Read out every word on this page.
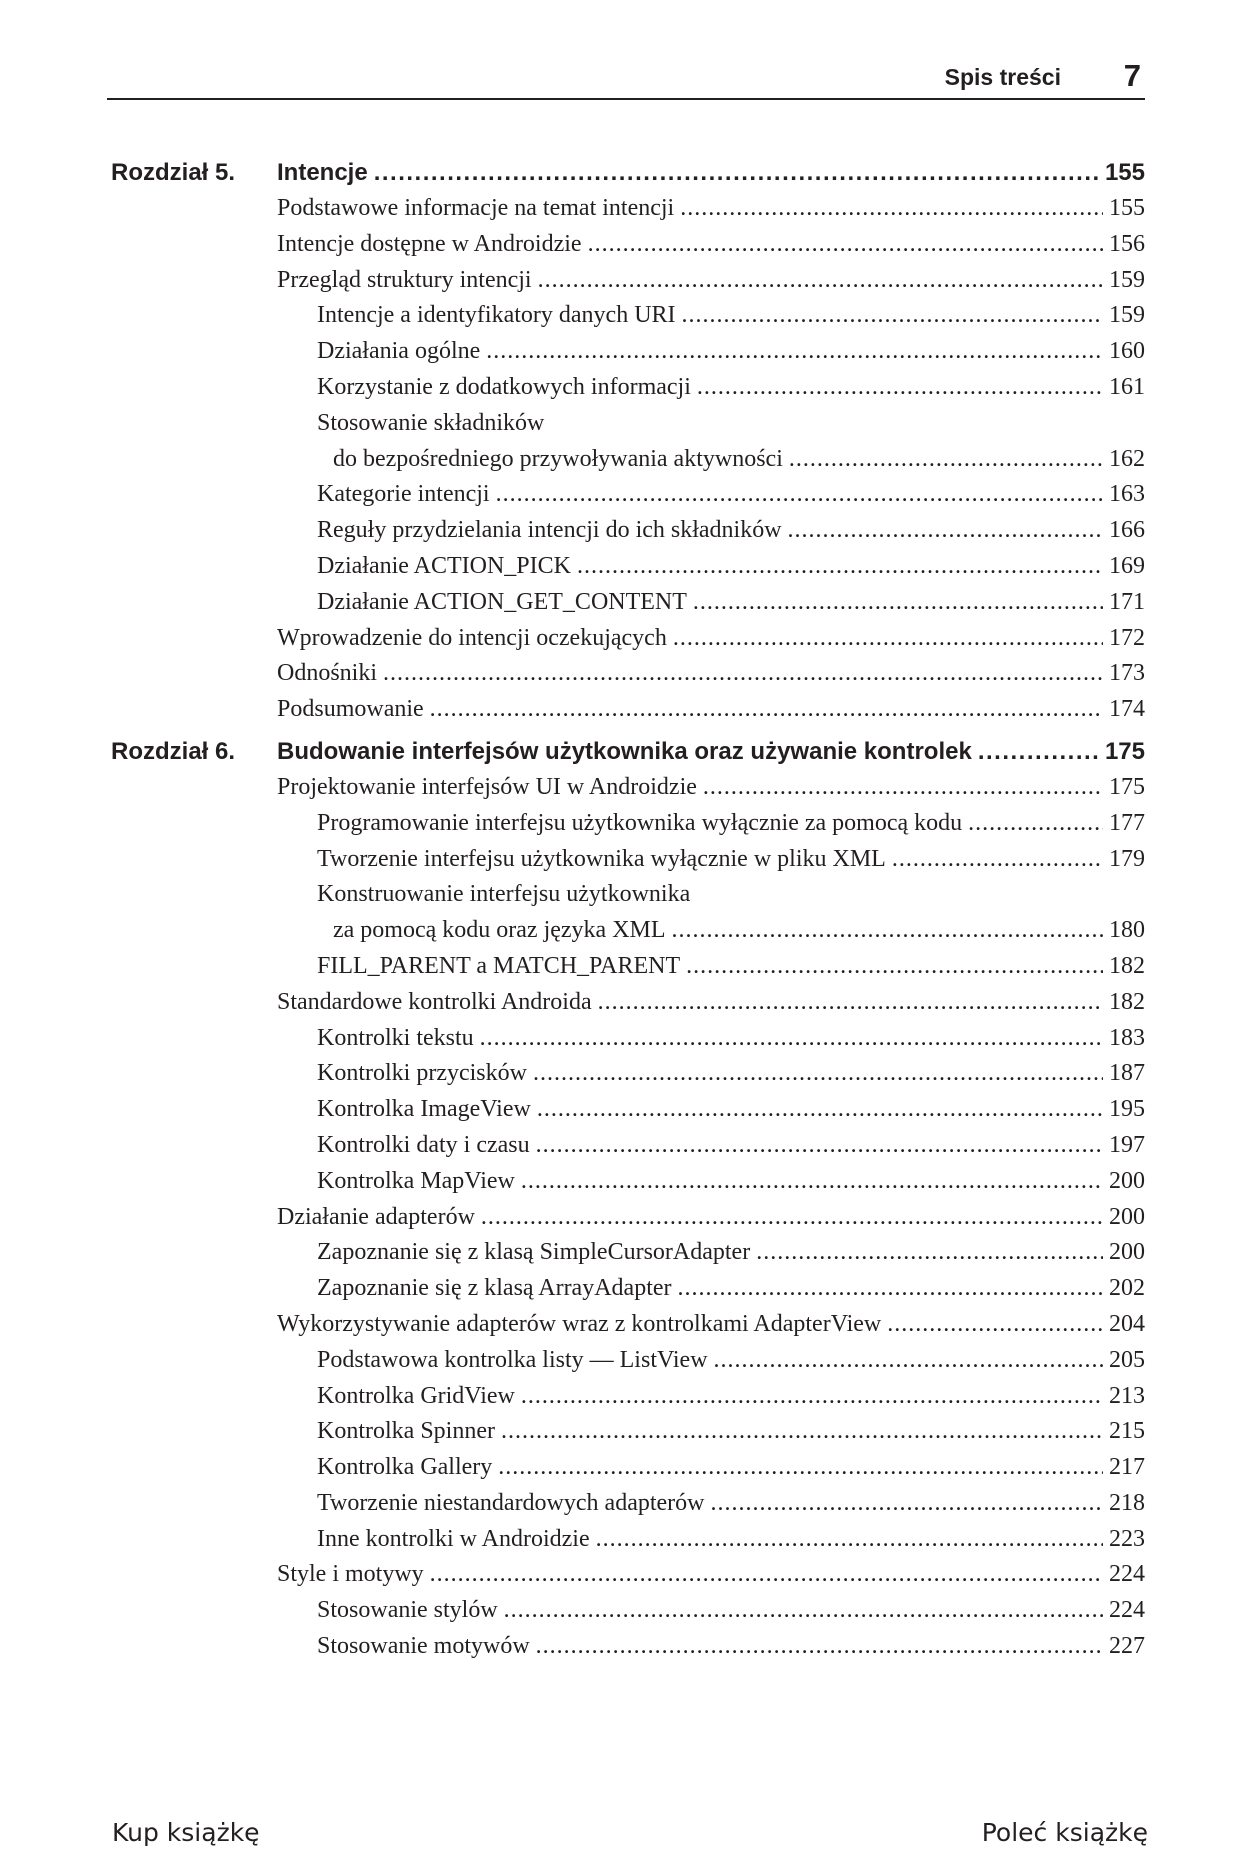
Spis treści 7
Rozdział 5. Intencje .....	155
Podstawowe informacje na temat intencji .....	155
Intencje dostępne w Androidzie .....	156
Przegląd struktury intencji .....	159
Intencje a identyfikatory danych URI .....	159
Działania ogólne .....	160
Korzystanie z dodatkowych informacji .....	161
Stosowanie składników
do bezpośredniego przywoływania aktywności .....	162
Kategorie intencji .....	163
Reguły przydzielania intencji do ich składników .....	166
Działanie ACTION_PICK .....	169
Działanie ACTION_GET_CONTENT .....	171
Wprowadzenie do intencji oczekujących .....	172
Odnośniki .....	173
Podsumowanie .....	174
Rozdział 6. Budowanie interfejsów użytkownika oraz używanie kontrolek .....	175
Projektowanie interfejsów UI w Androidzie .....	175
Programowanie interfejsu użytkownika wyłącznie za pomocą kodu .....	177
Tworzenie interfejsu użytkownika wyłącznie w pliku XML .....	179
Konstruowanie interfejsu użytkownika
za pomocą kodu oraz języka XML .....	180
FILL_PARENT a MATCH_PARENT .....	182
Standardowe kontrolki Androida .....	182
Kontrolki tekstu .....	183
Kontrolki przycisków .....	187
Kontrolka ImageView .....	195
Kontrolki daty i czasu .....	197
Kontrolka MapView .....	200
Działanie adapterów .....	200
Zapoznanie się z klasą SimpleCursorAdapter .....	200
Zapoznanie się z klasą ArrayAdapter .....	202
Wykorzystywanie adapterów wraz z kontrolkami AdapterView .....	204
Podstawowa kontrolka listy — ListView .....	205
Kontrolka GridView .....	213
Kontrolka Spinner .....	215
Kontrolka Gallery .....	217
Tworzenie niestandardowych adapterów .....	218
Inne kontrolki w Androidzie .....	223
Style i motywy .....	224
Stosowanie stylów .....	224
Stosowanie motywów .....	227
Kup książkę	Poleć książkę
